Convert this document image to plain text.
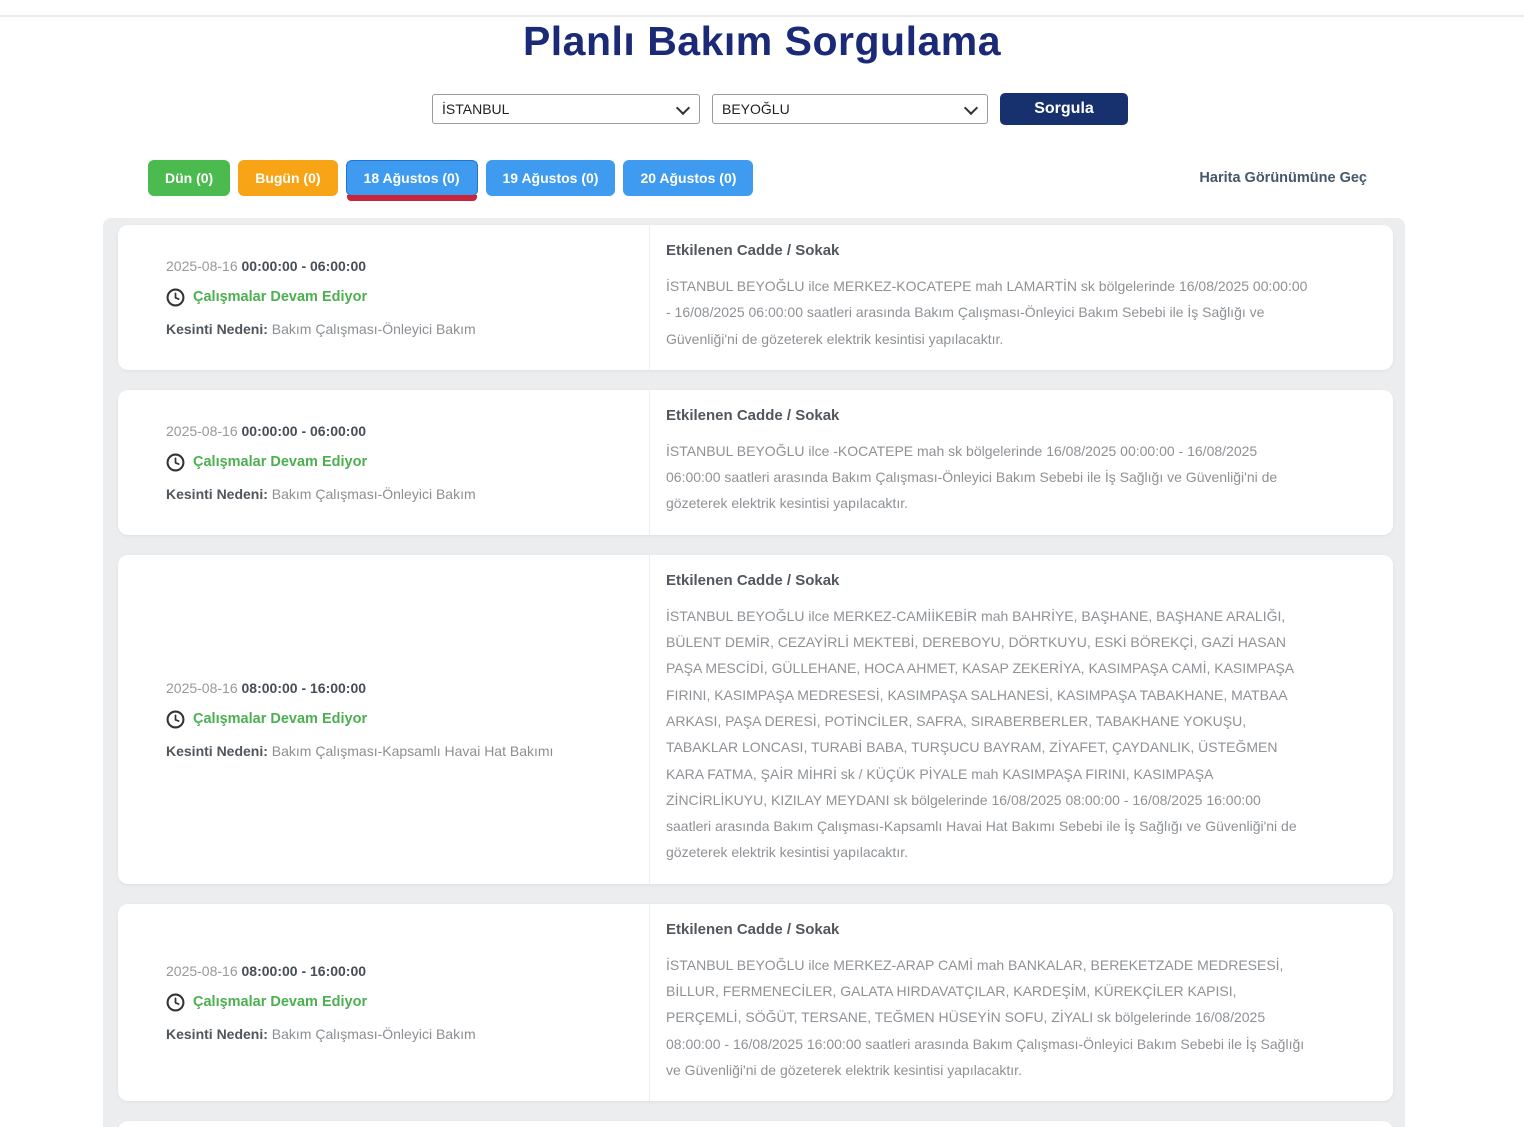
Planlı Bakım Sorgulama
İSTANBUL
BEYOĞLU
Sorgula
Dün (0)	Bugün (0)	18 Ağustos (0)	19 Ağustos (0)	20 Ağustos (0)	Harita Görünümüne Geç
2025-08-16 00:00:00 - 06:00:00
Çalışmalar Devam Ediyor
Kesinti Nedeni: Bakım Çalışması-Önleyici Bakım
Etkilenen Cadde / Sokak

İSTANBUL BEYOĞLU ilce MERKEZ-KOCATEPE mah LAMARTİN sk bölgelerinde 16/08/2025 00:00:00 - 16/08/2025 06:00:00 saatleri arasında Bakım Çalışması-Önleyici Bakım Sebebi ile İş Sağlığı ve Güvenliği'ni de gözeterek elektrik kesintisi yapılacaktır.

2025-08-16 00:00:00 - 06:00:00
Çalışmalar Devam Ediyor
Kesinti Nedeni: Bakım Çalışması-Önleyici Bakım
Etkilenen Cadde / Sokak

İSTANBUL BEYOĞLU ilce -KOCATEPE mah sk bölgelerinde 16/08/2025 00:00:00 - 16/08/2025 06:00:00 saatleri arasında Bakım Çalışması-Önleyici Bakım Sebebi ile İş Sağlığı ve Güvenliği'ni de gözeterek elektrik kesintisi yapılacaktır.

2025-08-16 08:00:00 - 16:00:00
Çalışmalar Devam Ediyor
Kesinti Nedeni: Bakım Çalışması-Kapsamlı Havai Hat Bakımı
Etkilenen Cadde / Sokak

İSTANBUL BEYOĞLU ilce MERKEZ-CAMİİKEBİR mah BAHRİYE, BAŞHANE, BAŞHANE ARALIĞI, BÜLENT DEMİR, CEZAYİRLİ MEKTEBİ, DEREBOYU, DÖRTKUYU, ESKİ BÖREKÇİ, GAZİ HASAN PAŞA MESCİDİ, GÜLLEHANE, HOCA AHMET, KASAP ZEKERİYA, KASIMPAŞA CAMİ, KASIMPAŞA FIRINI, KASIMPAŞA MEDRESESİ, KASIMPAŞA SALHANESİ, KASIMPAŞA TABAKHANE, MATBAA ARKASI, PAŞA DERESİ, POTİNCİLER, SAFRA, SIRABERBERLER, TABAKHANE YOKUŞU, TABAKLAR LONCASI, TURABİ BABA, TURŞUCU BAYRAM, ZİYAFET, ÇAYDANLIK, ÜSTEĞMEN KARA FATMA, ŞAİR MİHRİ sk / KÜÇÜK PİYALE mah KASIMPAŞA FIRINI, KASIMPAŞA ZİNCİRLİKUYU, KIZILAY MEYDANI sk bölgelerinde 16/08/2025 08:00:00 - 16/08/2025 16:00:00 saatleri arasında Bakım Çalışması-Kapsamlı Havai Hat Bakımı Sebebi ile İş Sağlığı ve Güvenliği'ni de gözeterek elektrik kesintisi yapılacaktır.

2025-08-16 08:00:00 - 16:00:00
Çalışmalar Devam Ediyor
Kesinti Nedeni: Bakım Çalışması-Önleyici Bakım
Etkilenen Cadde / Sokak

İSTANBUL BEYOĞLU ilce MERKEZ-ARAP CAMİ mah BANKALAR, BEREKETZADE MEDRESESİ, BİLLUR, FERMENECİLER, GALATA HIRDAVATÇILAR, KARDEŞİM, KÜREKÇİLER KAPISI, PERÇEMLİ, SÖĞÜT, TERSANE, TEĞMEN HÜSEYİN SOFU, ZİYALI sk bölgelerinde 16/08/2025 08:00:00 - 16/08/2025 16:00:00 saatleri arasında Bakım Çalışması-Önleyici Bakım Sebebi ile İş Sağlığı ve Güvenliği'ni de gözeterek elektrik kesintisi yapılacaktır.
